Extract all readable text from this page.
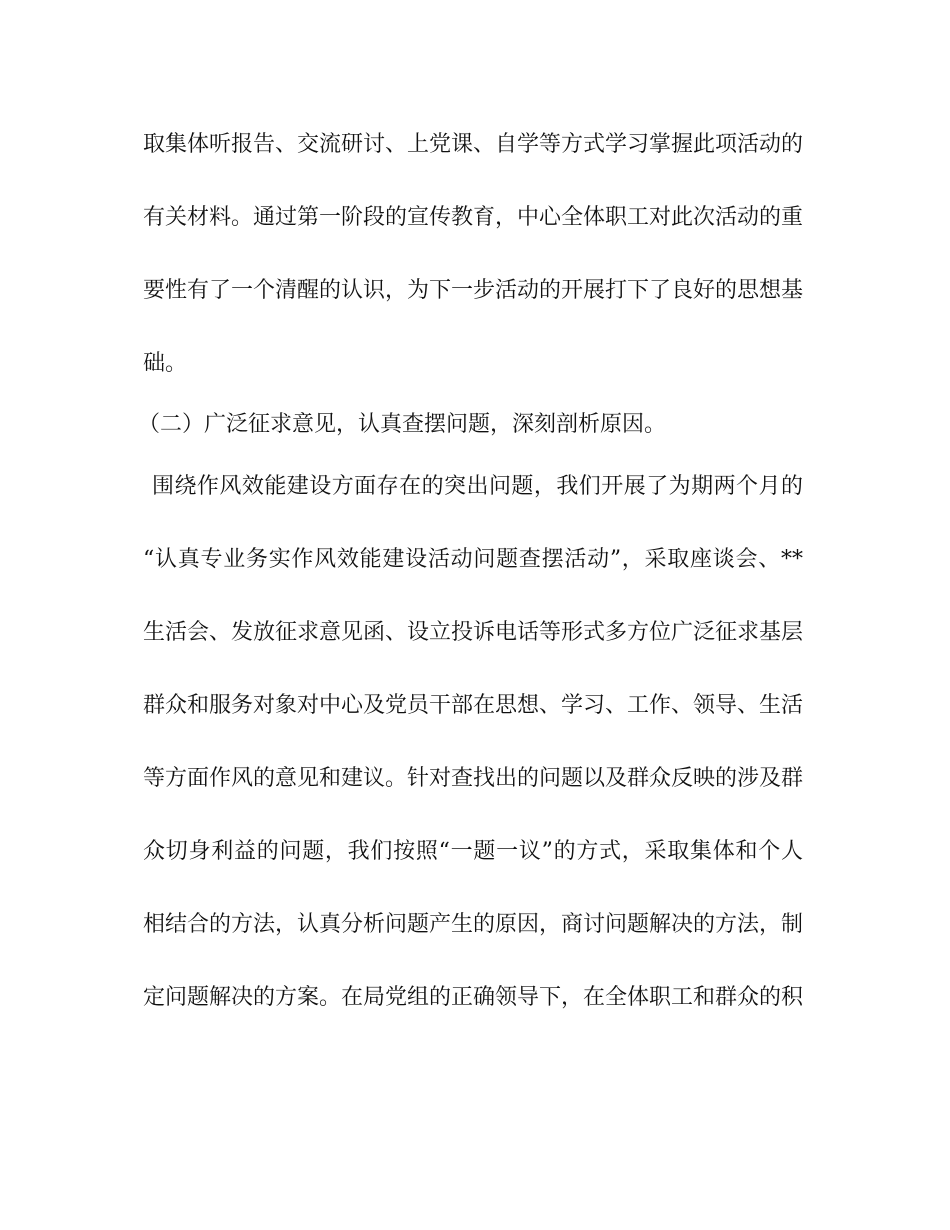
取集体听报告、交流研讨、上党课、自学等方式学习掌握此项活动的
有关材料。通过第一阶段的宣传教育，中心全体职工对此次活动的重
要性有了一个清醒的认识，为下一步活动的开展打下了良好的思想基
础。
（二）广泛征求意见，认真查摆问题，深刻剖析原因。
围绕作风效能建设方面存在的突出问题，我们开展了为期两个月的
“认真专业务实作风效能建设活动问题查摆活动”，采取座谈会、**
生活会、发放征求意见函、设立投诉电话等形式多方位广泛征求基层
群众和服务对象对中心及党员干部在思想、学习、工作、领导、生活
等方面作风的意见和建议。针对查找出的问题以及群众反映的涉及群
众切身利益的问题，我们按照“一题一议”的方式，采取集体和个人
相结合的方法，认真分析问题产生的原因，商讨问题解决的方法，制
定问题解决的方案。在局党组的正确领导下，在全体职工和群众的积
